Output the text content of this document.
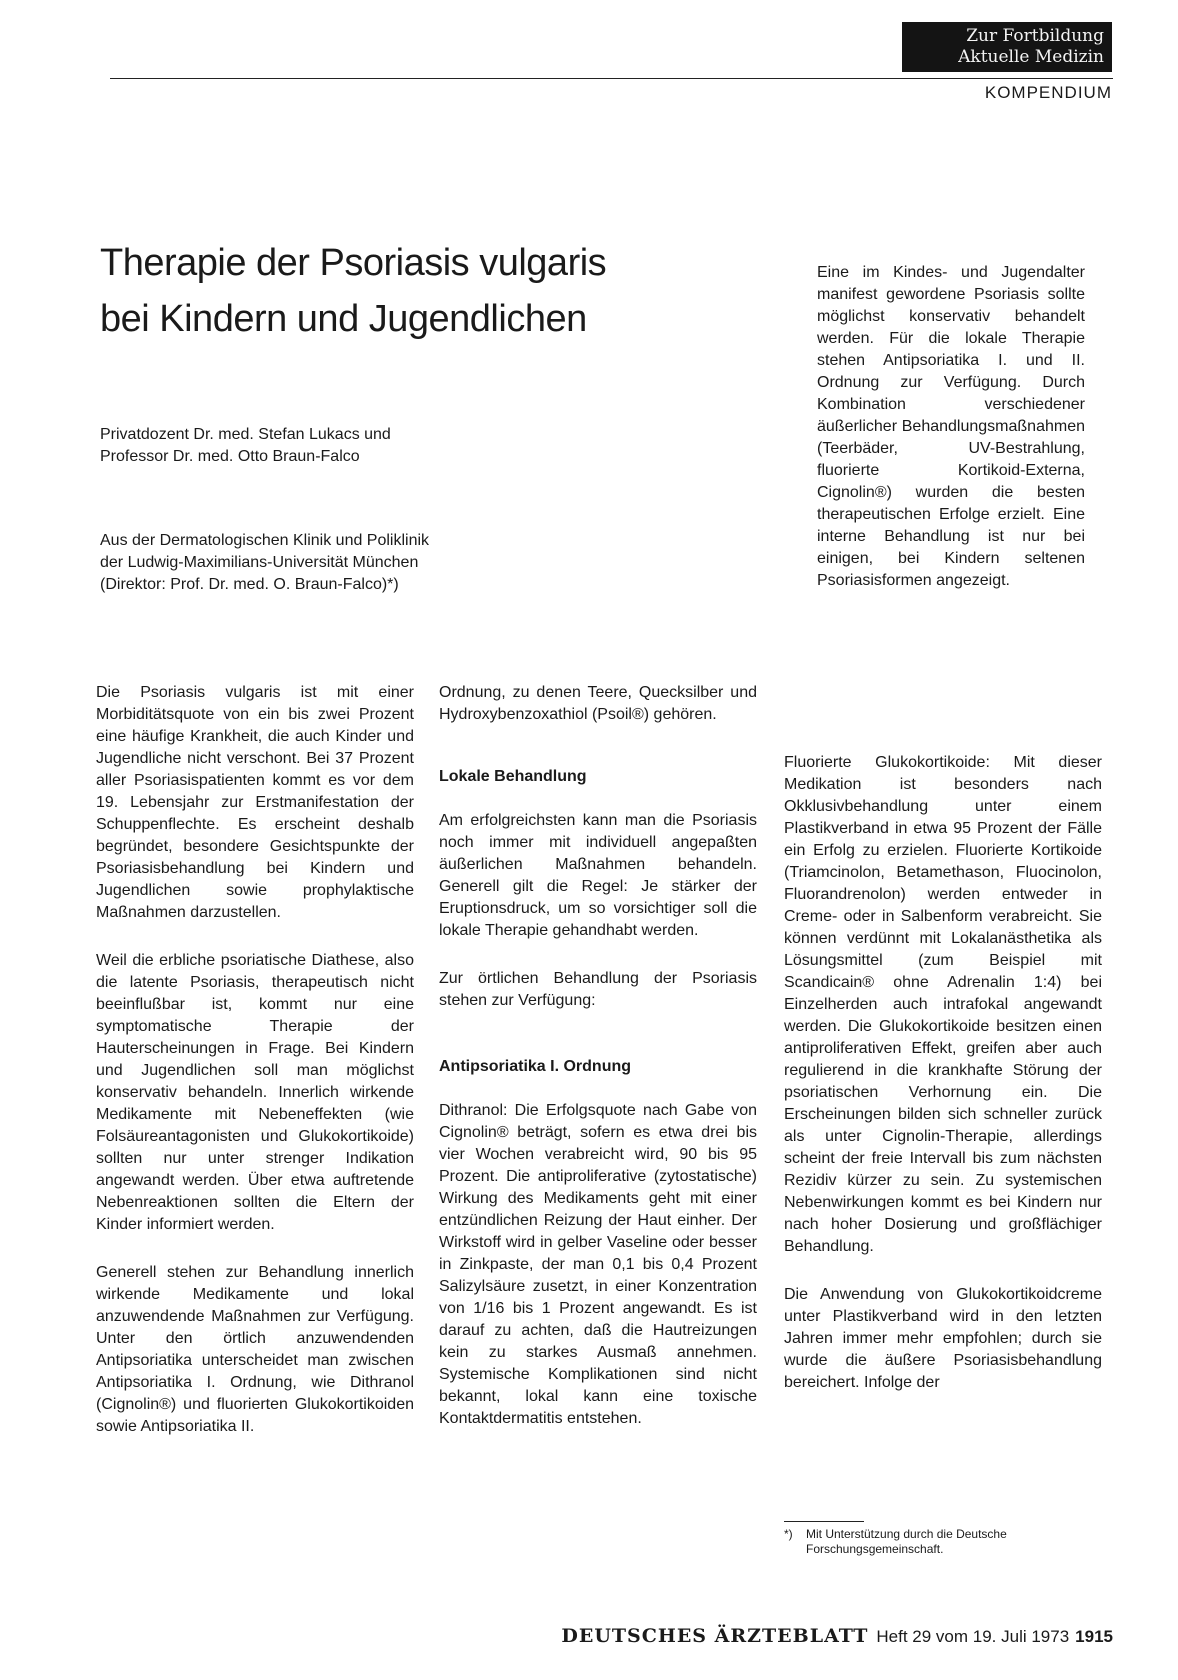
Zur Fortbildung
Aktuelle Medizin
KOMPENDIUM
Therapie der Psoriasis vulgaris
bei Kindern und Jugendlichen
Privatdozent Dr. med. Stefan Lukacs und
Professor Dr. med. Otto Braun-Falco
Aus der Dermatologischen Klinik und Poliklinik
der Ludwig-Maximilians-Universität München
(Direktor: Prof. Dr. med. O. Braun-Falco)*)

Eine im Kindes- und Jugendalter manifest gewordene Psoriasis sollte möglichst konservativ behandelt werden. Für die lokale Therapie stehen Antipsoriatika I. und II. Ordnung zur Verfügung. Durch Kombination verschiedener äußerlicher Behandlungsmaßnahmen (Teerbäder, UV-Bestrahlung, fluorierte Kortikoid-Externa, Cignolin®) wurden die besten therapeutischen Erfolge erzielt. Eine interne Behandlung ist nur bei einigen, bei Kindern seltenen Psoriasisformen angezeigt.

Die Psoriasis vulgaris ist mit einer Morbiditätsquote von ein bis zwei Prozent eine häufige Krankheit, die auch Kinder und Jugendliche nicht verschont. Bei 37 Prozent aller Psoriasispatienten kommt es vor dem 19. Lebensjahr zur Erstmanifestation der Schuppenflechte. Es erscheint deshalb begründet, besondere Gesichtspunkte der Psoriasisbehandlung bei Kindern und Jugendlichen sowie prophylaktische Maßnahmen darzustellen.

Weil die erbliche psoriatische Diathese, also die latente Psoriasis, therapeutisch nicht beeinflußbar ist, kommt nur eine symptomatische Therapie der Hauterscheinungen in Frage. Bei Kindern und Jugendlichen soll man möglichst konservativ behandeln. Innerlich wirkende Medikamente mit Nebeneffekten (wie Folsäureantagonisten und Glukokortikoide) sollten nur unter strenger Indikation angewandt werden. Über etwa auftretende Nebenreaktionen sollten die Eltern der Kinder informiert werden.

Generell stehen zur Behandlung innerlich wirkende Medikamente und lokal anzuwendende Maßnahmen zur Verfügung. Unter den örtlich anzuwendenden Antipsoriatika unterscheidet man zwischen Antipsoriatika I. Ordnung, wie Dithranol (Cignolin®) und fluorierten Glukokortikoiden sowie Antipsoriatika II.

Ordnung, zu denen Teere, Quecksilber und Hydroxybenzoxathiol (Psoil®) gehören.

Lokale Behandlung

Am erfolgreichsten kann man die Psoriasis noch immer mit individuell angepaßten äußerlichen Maßnahmen behandeln. Generell gilt die Regel: Je stärker der Eruptionsdruck, um so vorsichtiger soll die lokale Therapie gehandhabt werden.

Zur örtlichen Behandlung der Psoriasis stehen zur Verfügung:

Antipsoriatika I. Ordnung

Dithranol: Die Erfolgsquote nach Gabe von Cignolin® beträgt, sofern es etwa drei bis vier Wochen verabreicht wird, 90 bis 95 Prozent. Die antiproliferative (zytostatische) Wirkung des Medikaments geht mit einer entzündlichen Reizung der Haut einher. Der Wirkstoff wird in gelber Vaseline oder besser in Zinkpaste, der man 0,1 bis 0,4 Prozent Salizylsäure zusetzt, in einer Konzentration von 1/16 bis 1 Prozent angewandt. Es ist darauf zu achten, daß die Hautreizungen kein zu starkes Ausmaß annehmen. Systemische Komplikationen sind nicht bekannt, lokal kann eine toxische Kontaktdermatitis entstehen.

Fluorierte Glukokortikoide: Mit dieser Medikation ist besonders nach Okklusivbehandlung unter einem Plastikverband in etwa 95 Prozent der Fälle ein Erfolg zu erzielen. Fluorierte Kortikoide (Triamcinolon, Betamethason, Fluocinolon, Fluorandrenolon) werden entweder in Creme- oder in Salbenform verabreicht. Sie können verdünnt mit Lokalanästhetika als Lösungsmittel (zum Beispiel mit Scandicain® ohne Adrenalin 1:4) bei Einzelherden auch intrafokal angewandt werden. Die Glukokortikoide besitzen einen antiproliferativen Effekt, greifen aber auch regulierend in die krankhafte Störung der psoriatischen Verhornung ein. Die Erscheinungen bilden sich schneller zurück als unter Cignolin-Therapie, allerdings scheint der freie Intervall bis zum nächsten Rezidiv kürzer zu sein. Zu systemischen Nebenwirkungen kommt es bei Kindern nur nach hoher Dosierung und großflächiger Behandlung.

Die Anwendung von Glukokortikoidcreme unter Plastikverband wird in den letzten Jahren immer mehr empfohlen; durch sie wurde die äußere Psoriasisbehandlung bereichert. Infolge der

*)	Mit Unterstützung durch die Deutsche Forschungsgemeinschaft.
DEUTSCHES ÄRZTEBLATT Heft 29 vom 19. Juli 1973 1915
